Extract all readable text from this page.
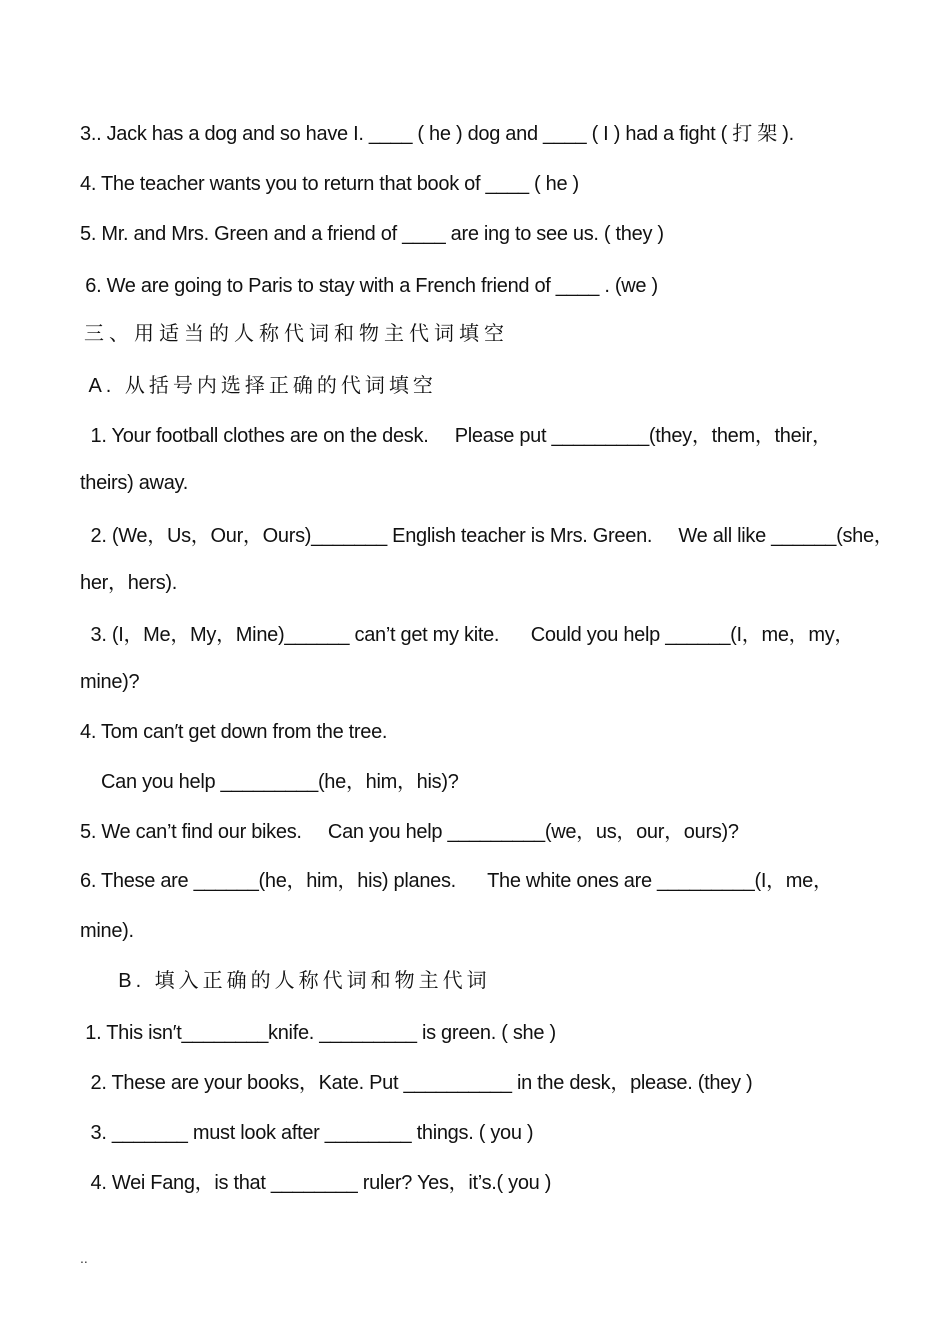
3.. Jack has a dog and so have I. ____ ( he ) dog and ____ ( I ) had a fight ( 打 架 ).
4. The teacher wants you to return that book of ____ ( he )
5. Mr. and Mrs. Green and a friend of ____ are ing to see us. ( they )
6. We are going to Paris to stay with a French friend of ____ . (we )
三、用适当的人称代词和物主代词填空
A. 从括号内选择正确的代词填空
1. Your football clothes are on the desk.     Please put _________(they，them，their，
theirs) away.
2. (We，Us，Our，Ours)_______ English teacher is Mrs. Green.     We all like ______(she，
her，hers).
3. (I，Me，My，Mine)______ can’t get my kite.      Could you help ______(I，me，my，
mine)?
4. Tom can′t get down from the tree.
Can you help _________(he，him，his)?
5. We can’t find our bikes.     Can you help _________(we，us，our，ours)?
6. These are ______(he，him，his) planes.      The white ones are _________(I，me，
mine).
B. 填入正确的人称代词和物主代词
1. This isn′t________knife. _________ is green. ( she )
2. These are your books，Kate. Put __________ in the desk，please. (they )
3. _______ must look after ________ things. ( you )
4. Wei Fang，is that ________ ruler? Yes，it’s.( you )
..
